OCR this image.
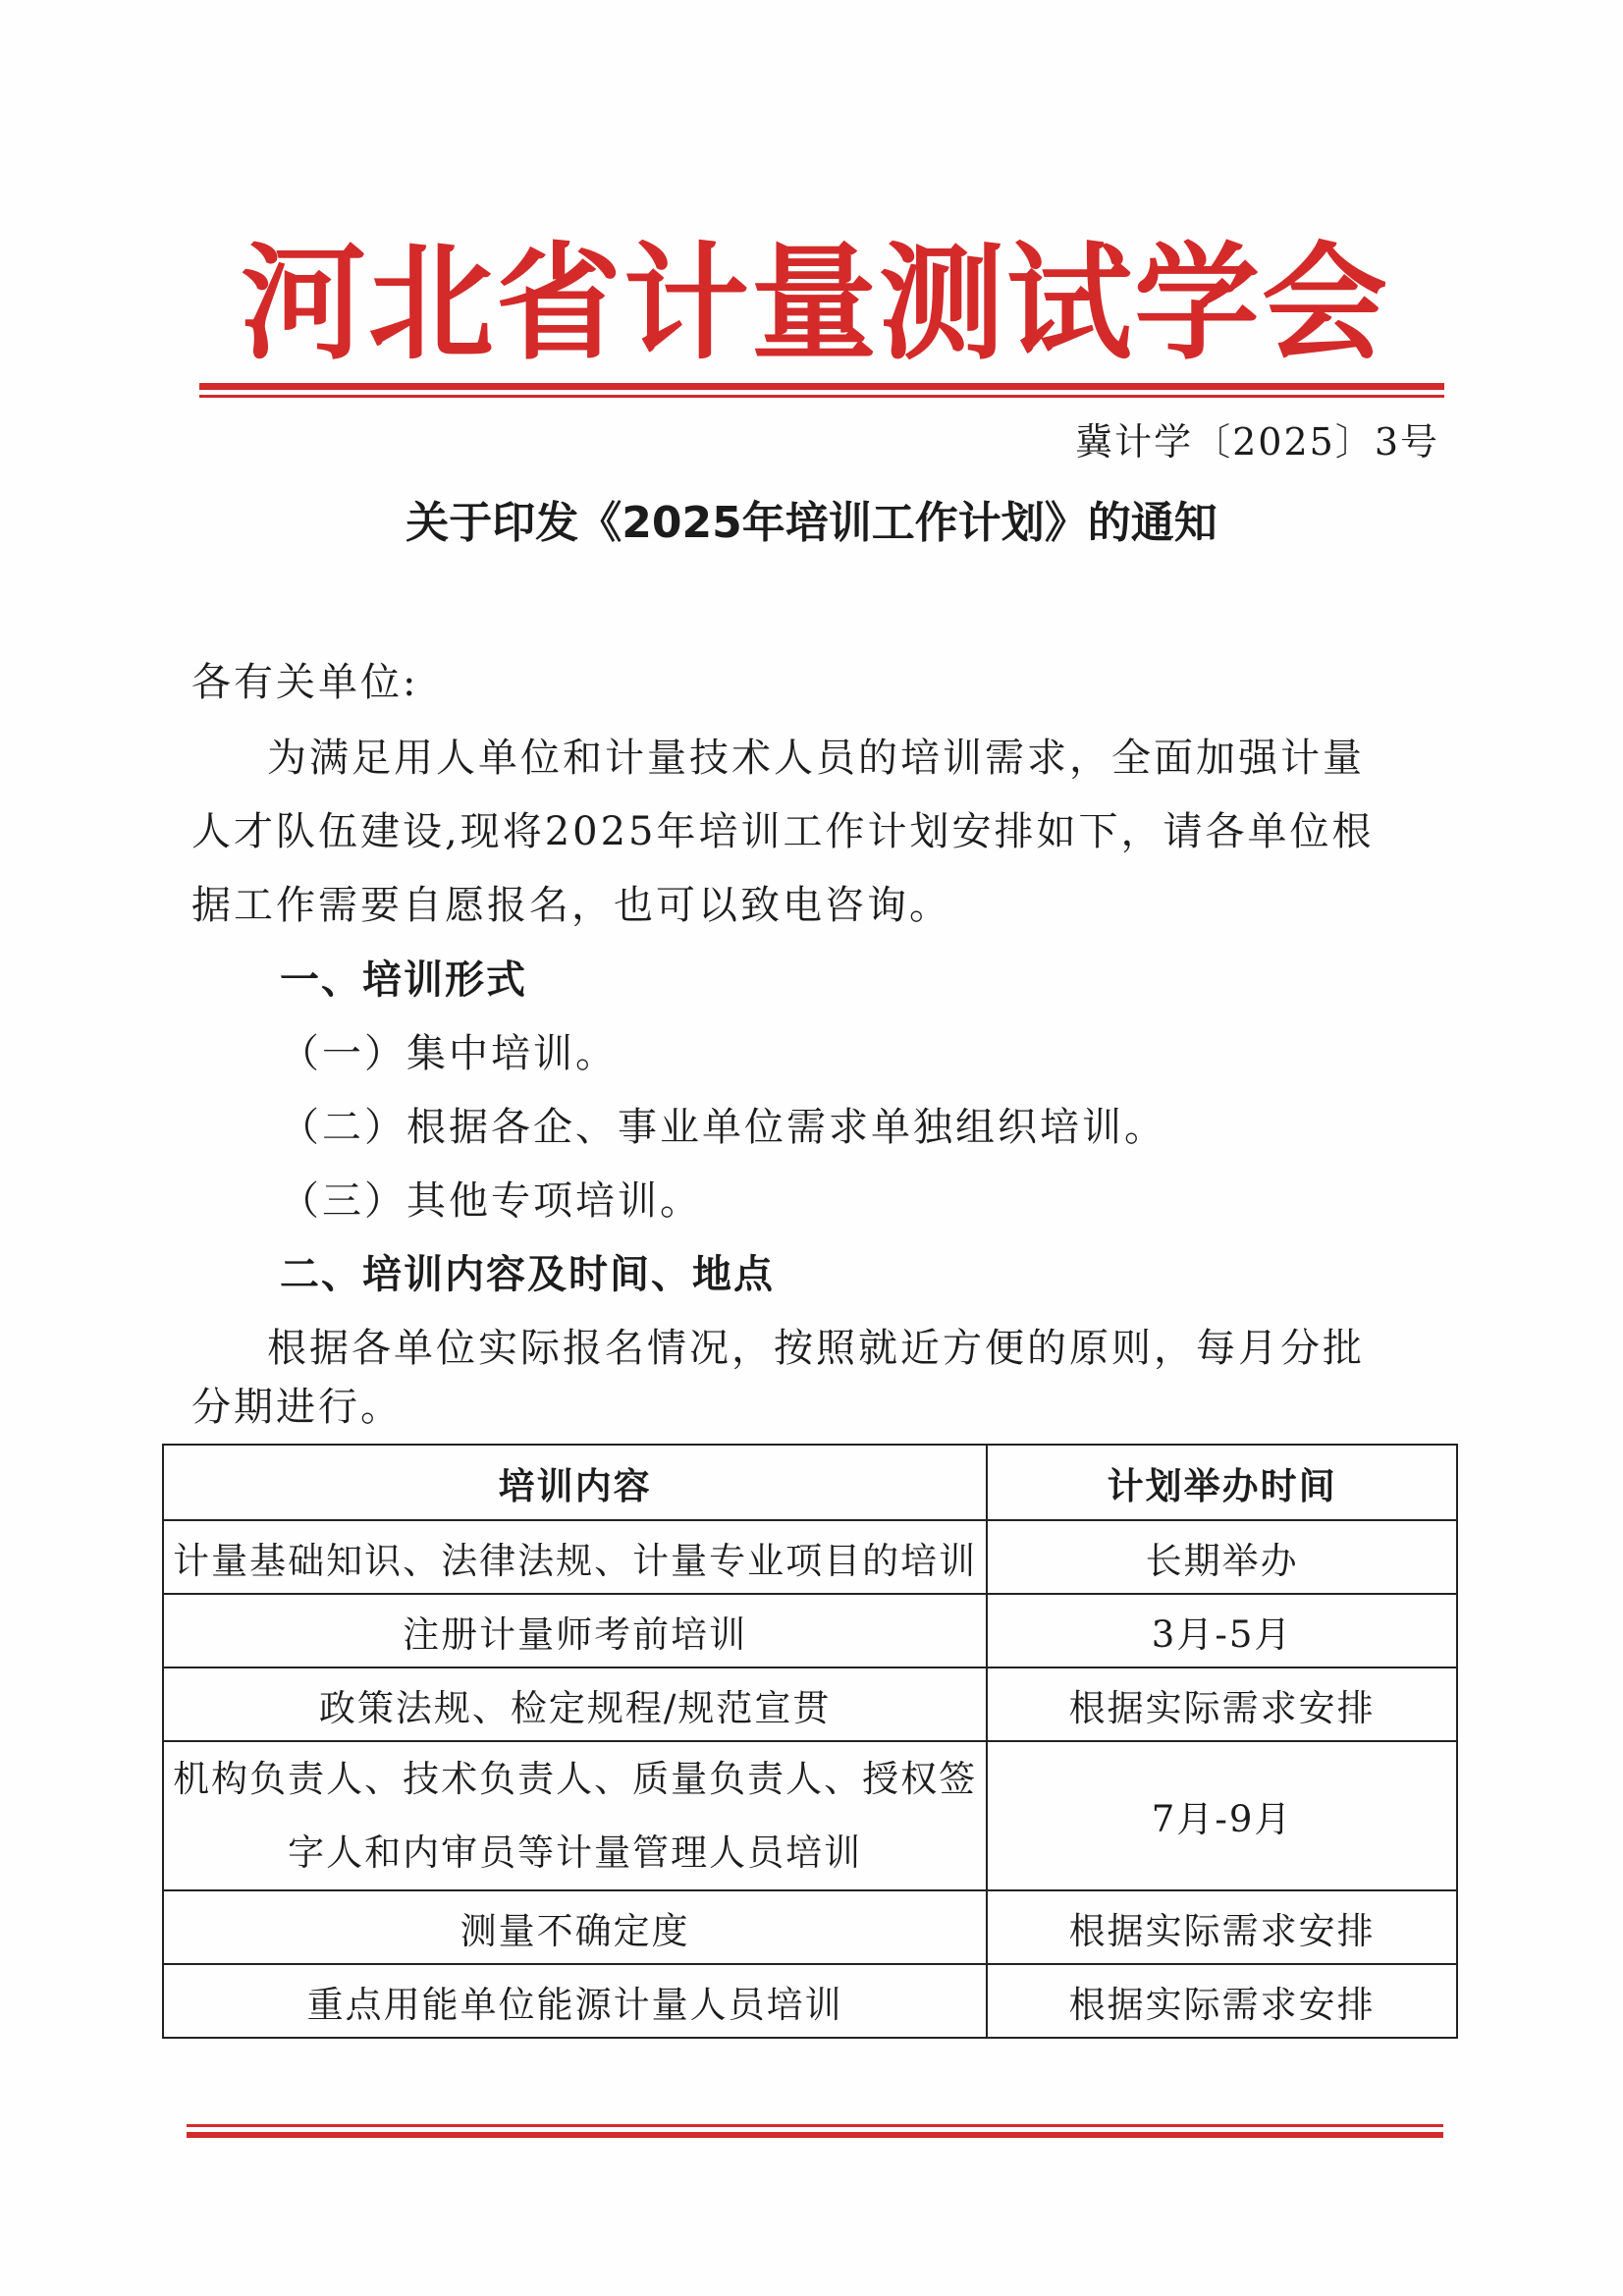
河北省计量测试学会
冀计学〔2025〕3号
关于印发《2025年培训工作计划》的通知
各有关单位:
为满足用人单位和计量技术人员的培训需求，全面加强计量
人才队伍建设,现将2025年培训工作计划安排如下，请各单位根
据工作需要自愿报名，也可以致电咨询。
一、培训形式
（一）集中培训。
（二）根据各企、事业单位需求单独组织培训。
（三）其他专项培训。
二、培训内容及时间、地点
根据各单位实际报名情况，按照就近方便的原则，每月分批
分期进行。
培训内容	计划举办时间
计量基础知识、法律法规、计量专业项目的培训	长期举办
注册计量师考前培训	3月-5月
政策法规、检定规程/规范宣贯	根据实际需求安排

机构负责人、技术负责人、质量负责人、授权签
字人和内审员等计量管理人员培训	7月-9月
测量不确定度	根据实际需求安排
重点用能单位能源计量人员培训	根据实际需求安排
